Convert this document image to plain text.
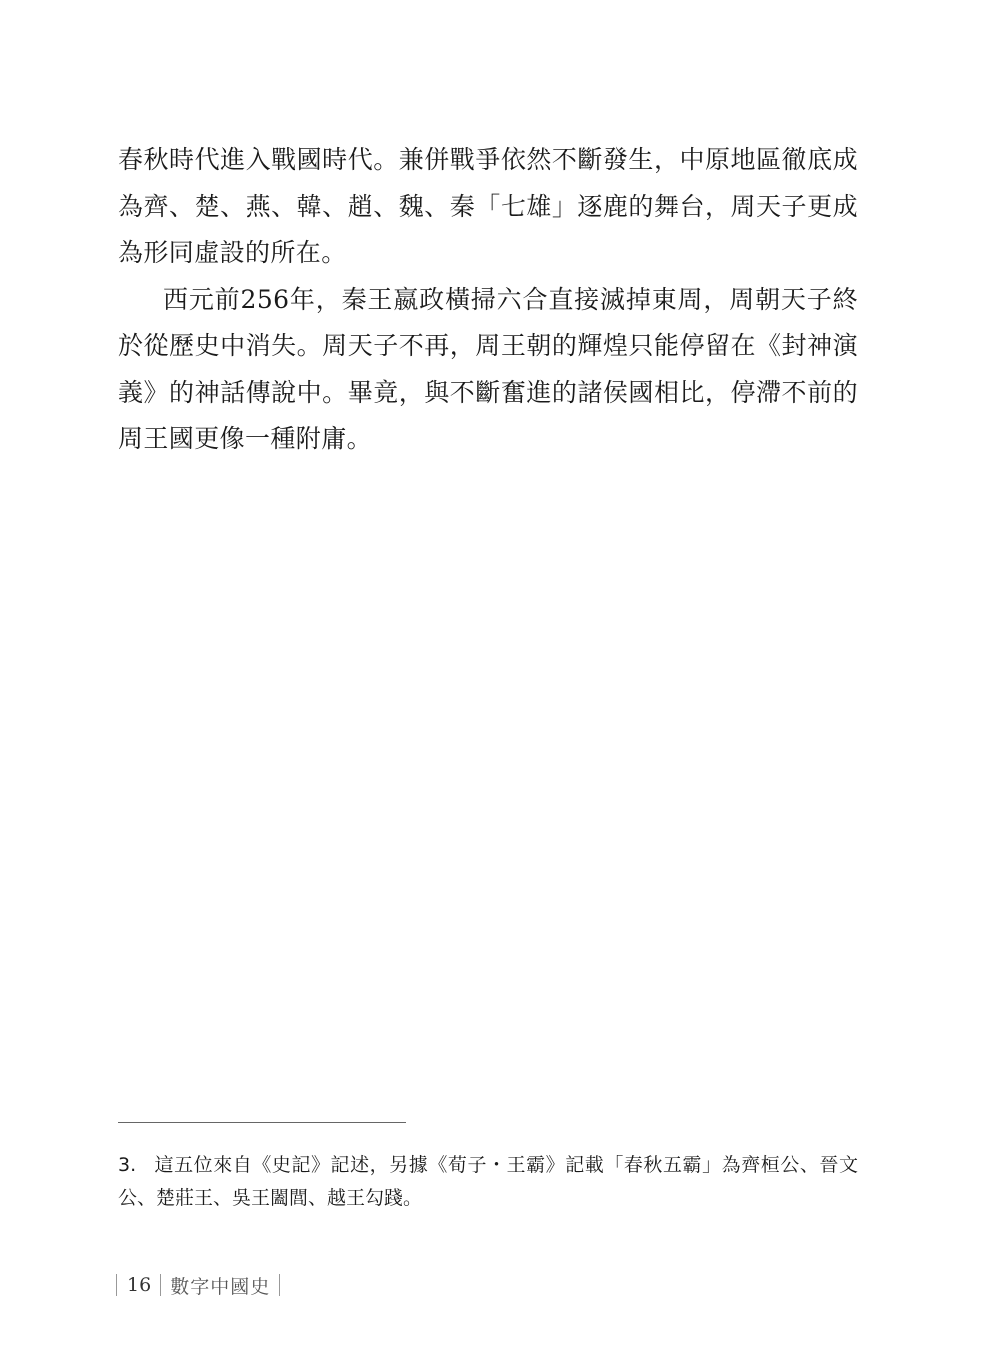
春秋時代進入戰國時代。兼併戰爭依然不斷發生，中原地區徹底成為齊、楚、燕、韓、趙、魏、秦「七雄」逐鹿的舞台，周天子更成為形同虛設的所在。

西元前256年，秦王嬴政橫掃六合直接滅掉東周，周朝天子終於從歷史中消失。周天子不再，周王朝的輝煌只能停留在《封神演義》的神話傳說中。畢竟，與不斷奮進的諸侯國相比，停滯不前的周王國更像一種附庸。

3. 這五位來自《史記》記述，另據《荀子・王霸》記載「春秋五霸」為齊桓公、晉文公、楚莊王、吳王闔閭、越王勾踐。

16 數字中國史
